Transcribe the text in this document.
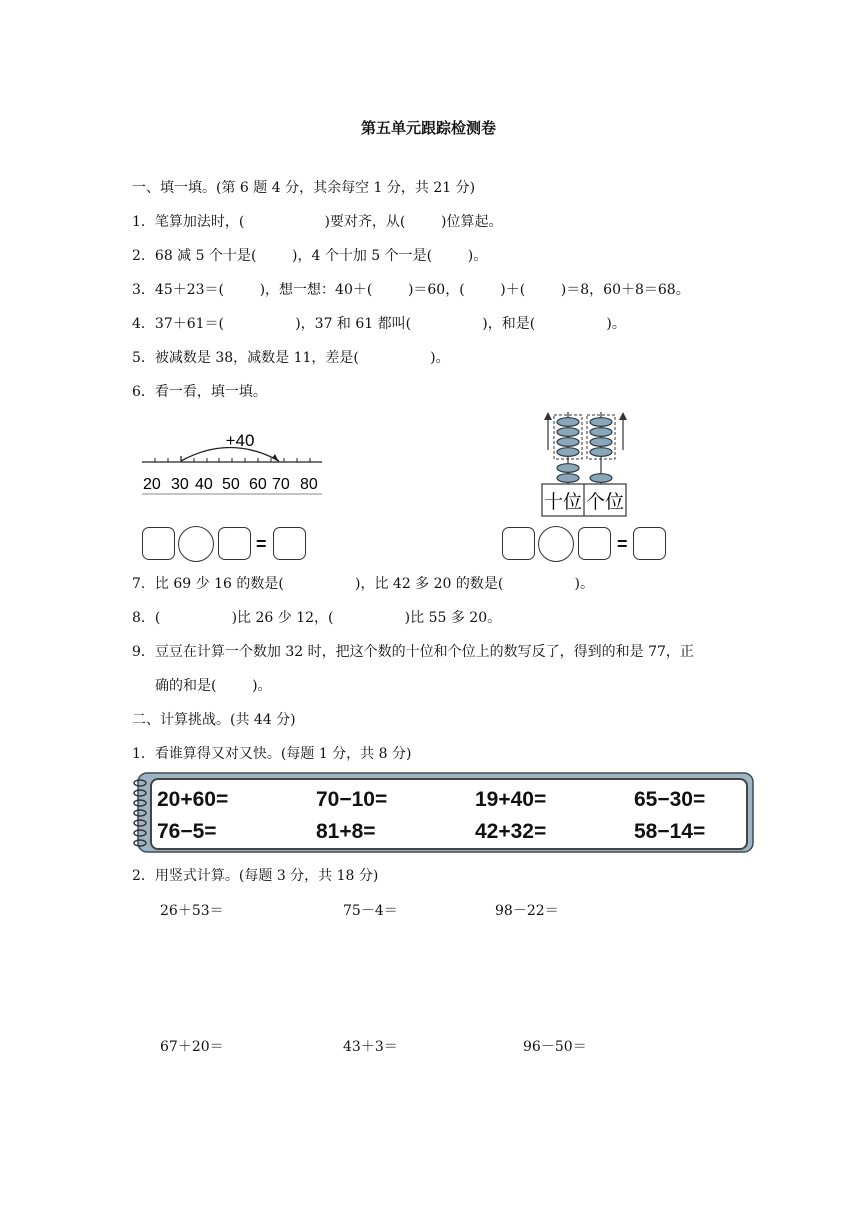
第五单元跟踪检测卷
一、填一填。(第 6 题 4 分，其余每空 1 分，共 21 分)
1．笔算加法时，(                  )要对齐，从(        )位算起。
2．68 减 5 个十是(        )，4 个十加 5 个一是(        )。
3．45＋23＝(        )，想一想：40＋(        )＝60，(        )＋(        )＝8，60＋8＝68。
4．37＋61＝(                )，37 和 61 都叫(                )，和是(                )。
5．被减数是 38，减数是 11，差是(                )。
6．看一看，填一填。
+40
20 30 40 50 60 70 80
十位 个位
=	=
7．比 69 少 16 的数是(                )，比 42 多 20 的数是(                )。
8．(                )比 26 少 12，(                )比 55 多 20。
9．豆豆在计算一个数加 32 时，把这个数的十位和个位上的数写反了，得到的和是 77，正
确的和是(        )。
二、计算挑战。(共 44 分)
1．看谁算得又对又快。(每题 1 分，共 8 分)
20+60=	70−10=	19+40=	65−30=
76−5=	81+8=	42+32=	58−14=
2．用竖式计算。(每题 3 分，共 18 分)
26＋53＝	75－4＝	98－22＝
67＋20＝	43＋3＝	96－50＝
